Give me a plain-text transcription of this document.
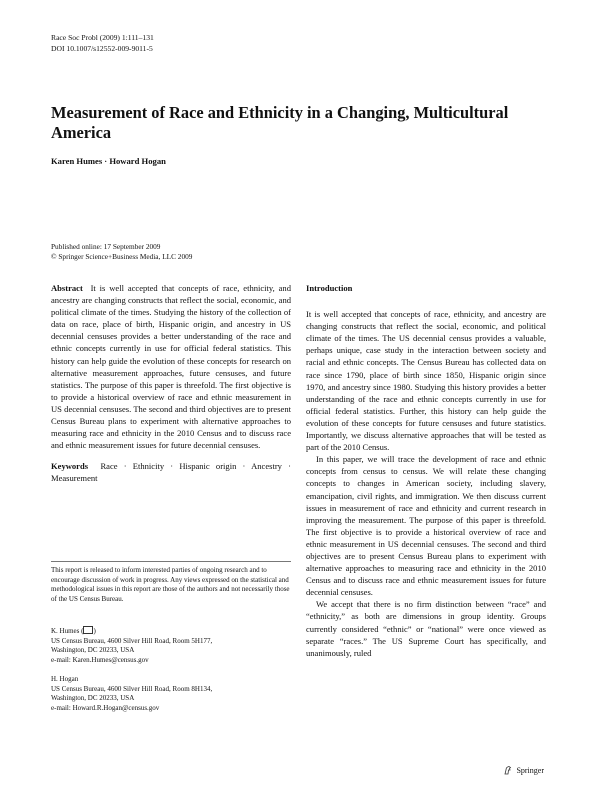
Race Soc Probl (2009) 1:111–131
DOI 10.1007/s12552-009-9011-5
Measurement of Race and Ethnicity in a Changing, Multicultural America
Karen Humes · Howard Hogan
Published online: 17 September 2009
© Springer Science+Business Media, LLC 2009
Abstract It is well accepted that concepts of race, ethnicity, and ancestry are changing constructs that reflect the social, economic, and political climate of the times. Studying the history of the collection of data on race, place of birth, Hispanic origin, and ancestry in US decennial censuses provides a better understanding of the race and ethnic concepts currently in use for official federal statistics. This history can help guide the evolution of these concepts for research on alternative measurement approaches, future censuses, and future statistics. The purpose of this paper is threefold. The first objective is to provide a historical overview of race and ethnic measurement in US decennial censuses. The second and third objectives are to present Census Bureau plans to experiment with alternative approaches to measuring race and ethnicity in the 2010 Census and to discuss race and ethnic measurement issues for future decennial censuses.
Keywords Race · Ethnicity · Hispanic origin · Ancestry · Measurement
This report is released to inform interested parties of ongoing research and to encourage discussion of work in progress. Any views expressed on the statistical and methodological issues in this report are those of the authors and not necessarily those of the US Census Bureau.
K. Humes ( )
US Census Bureau, 4600 Silver Hill Road, Room 5H177,
Washington, DC 20233, USA
e-mail: Karen.Humes@census.gov
H. Hogan
US Census Bureau, 4600 Silver Hill Road, Room 8H134,
Washington, DC 20233, USA
e-mail: Howard.R.Hogan@census.gov
Introduction

It is well accepted that concepts of race, ethnicity, and ancestry are changing constructs that reflect the social, economic, and political climate of the times. The US decennial census provides a valuable, perhaps unique, case study in the interaction between society and racial and ethnic concepts. The Census Bureau has collected data on race since 1790, place of birth since 1850, Hispanic origin since 1970, and ancestry since 1980. Studying this history provides a better understanding of the race and ethnic concepts currently in use for official federal statistics. Further, this history can help guide the evolution of these concepts for future censuses and future statistics. Importantly, we discuss alternative approaches that will be tested as part of the 2010 Census.

In this paper, we will trace the development of race and ethnic concepts from census to census. We will relate these changing concepts to changes in American society, including slavery, emancipation, civil rights, and immigration. We then discuss current issues in measurement of race and ethnicity and current research in improving the measurement. The purpose of this paper is threefold. The first objective is to provide a historical overview of race and ethnic measurement in US decennial censuses. The second and third objectives are to present Census Bureau plans to experiment with alternative approaches to measuring race and ethnicity in the 2010 Census and to discuss race and ethnic measurement issues for future decennial censuses.

We accept that there is no firm distinction between “race” and “ethnicity,” as both are dimensions in group identity. Groups currently considered “ethnic” or “national” were once viewed as separate “races.” The US Supreme Court has specifically, and unanimously, ruled

Springer
